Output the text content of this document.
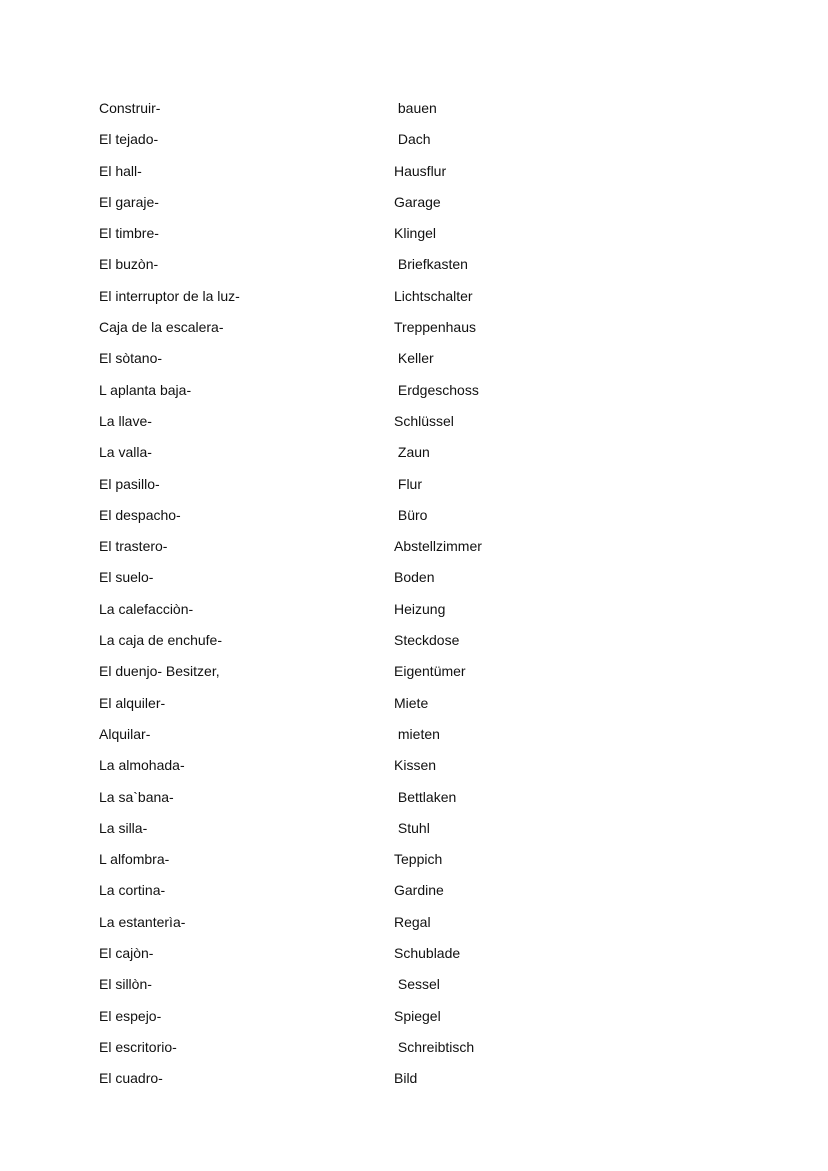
Construir-	bauen
El tejado-	Dach
El hall-	Hausflur
El garaje-	Garage
El timbre-	Klingel
El buzòn-	Briefkasten
El interruptor de la luz-	Lichtschalter
Caja de la escalera-	Treppenhaus
El sòtano-	Keller
L aplanta baja-	Erdgeschoss
La llave-	Schlüssel
La valla-	Zaun
El pasillo-	Flur
El despacho-	Büro
El trastero-	Abstellzimmer
El suelo-	Boden
La calefacciòn-	Heizung
La caja de enchufe-	Steckdose
El duenjo- Besitzer,	Eigentümer
El alquiler-	Miete
Alquilar-	mieten
La almohada-	Kissen
La sa`bana-	Bettlaken
La silla-	Stuhl
L alfombra-	Teppich
La cortina-	Gardine
La estanterìa-	Regal
El cajòn-	Schublade
El sillòn-	Sessel
El espejo-	Spiegel
El escritorio-	Schreibtisch
El cuadro-	Bild
